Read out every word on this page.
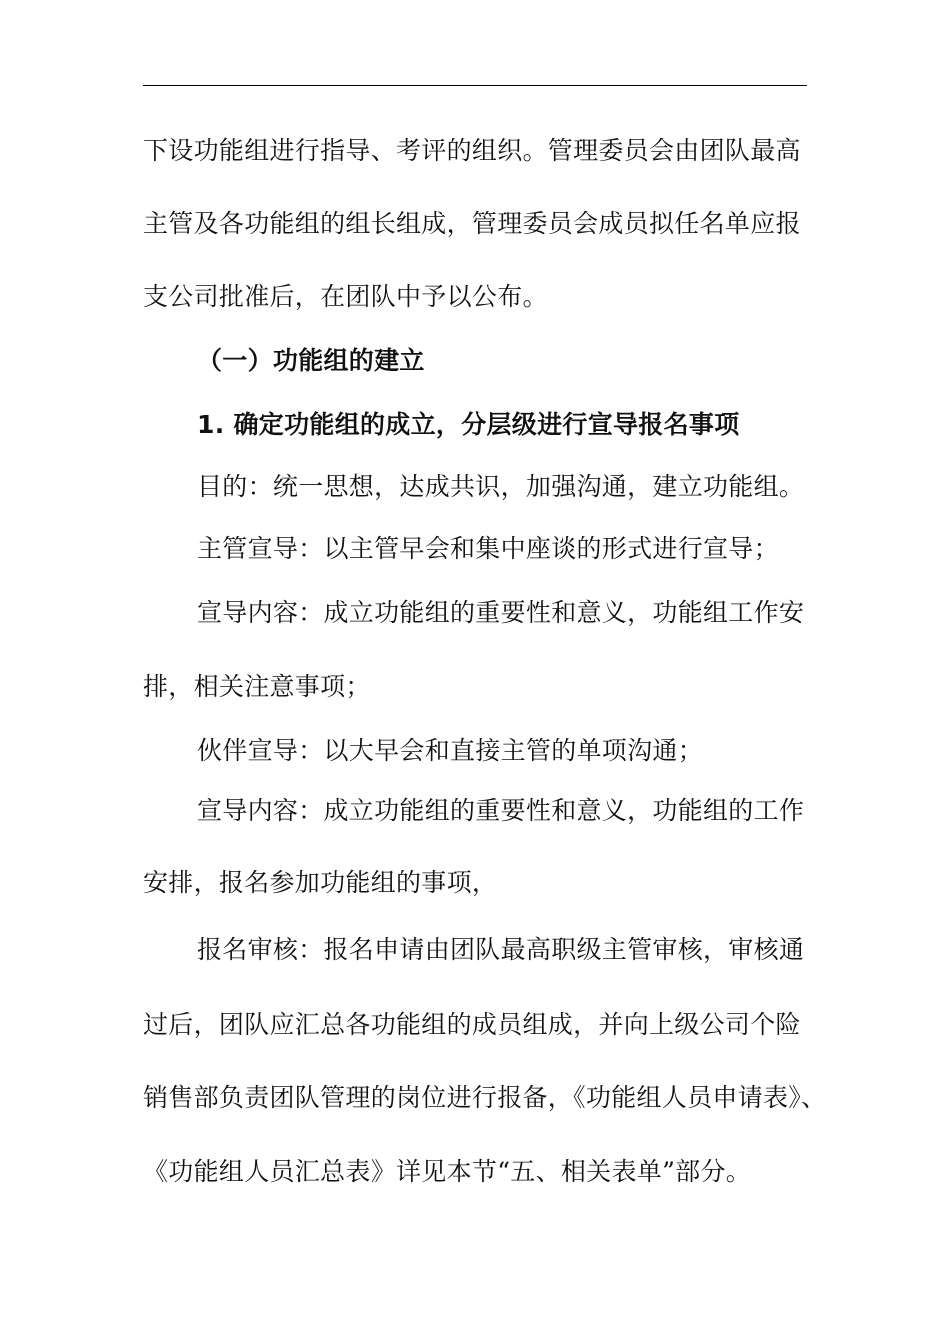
下设功能组进行指导、考评的组织。管理委员会由团队最高
主管及各功能组的组长组成，管理委员会成员拟任名单应报
支公司批准后，在团队中予以公布。
（一）功能组的建立
1. 确定功能组的成立，分层级进行宣导报名事项
目的：统一思想，达成共识，加强沟通，建立功能组。
主管宣导：以主管早会和集中座谈的形式进行宣导；
宣导内容：成立功能组的重要性和意义，功能组工作安
排，相关注意事项；
伙伴宣导：以大早会和直接主管的单项沟通；
宣导内容：成立功能组的重要性和意义，功能组的工作
安排，报名参加功能组的事项，
报名审核：报名申请由团队最高职级主管审核，审核通
过后，团队应汇总各功能组的成员组成，并向上级公司个险
销售部负责团队管理的岗位进行报备，《功能组人员申请表》、
《功能组人员汇总表》详见本节“五、相关表单”部分。
